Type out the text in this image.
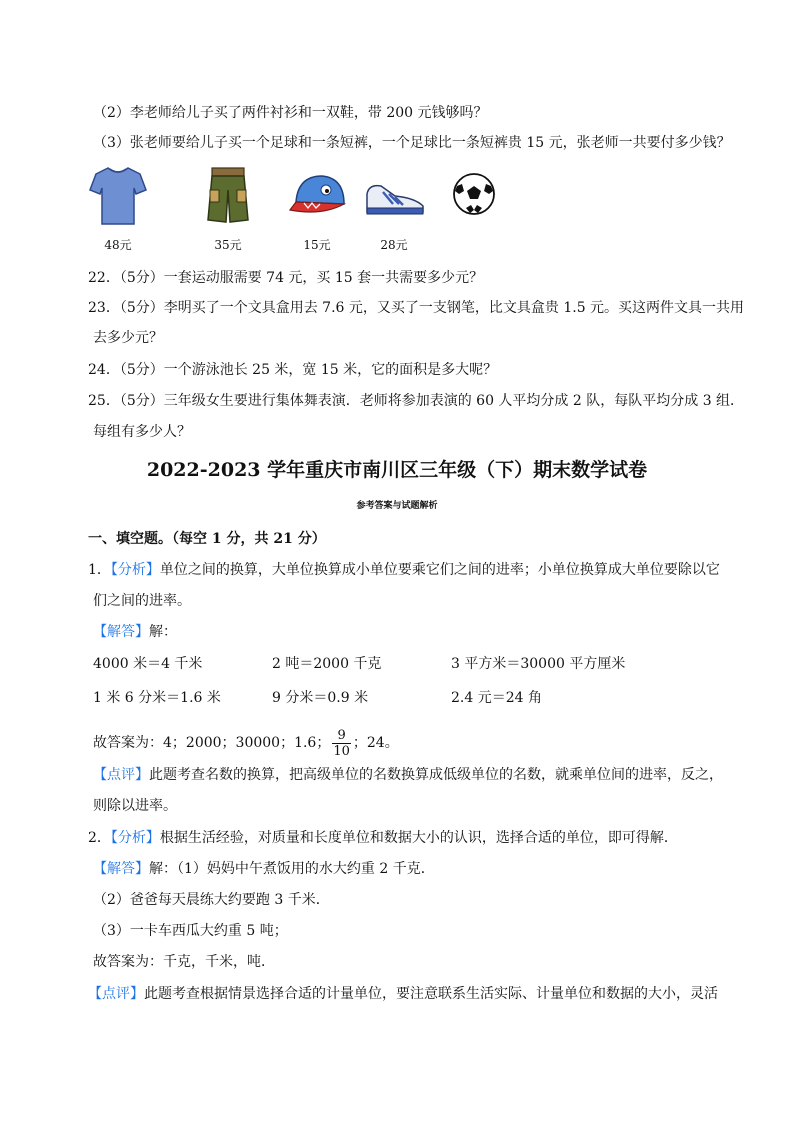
（2）李老师给儿子买了两件衬衫和一双鞋，带 200 元钱够吗？
（3）张老师要给儿子买一个足球和一条短裤，一个足球比一条短裤贵 15 元，张老师一共要付多少钱？
48元	35元	15元	28元
22．（5分）一套运动服需要 74 元，买 15 套一共需要多少元？
23．（5分）李明买了一个文具盒用去 7.6 元，又买了一支钢笔，比文具盒贵 1.5 元。买这两件文具一共用
去多少元？
24．（5分）一个游泳池长 25 米，宽 15 米，它的面积是多大呢？
25．（5分）三年级女生要进行集体舞表演．老师将参加表演的 60 人平均分成 2 队，每队平均分成 3 组．
每组有多少人？
2022-2023 学年重庆市南川区三年级（下）期末数学试卷
参考答案与试题解析
一、填空题。（每空 1 分，共 21 分）
1．【分析】单位之间的换算，大单位换算成小单位要乘它们之间的进率；小单位换算成大单位要除以它
们之间的进率。
【解答】解：
4000 米＝4 千米	2 吨＝2000 千克	3 平方米＝30000 平方厘米
1 米 6 分米＝1.6 米	9 分米＝0.9 米	2.4 元＝24 角
故答案为：4；2000；30000；1.6； $\frac{9}{10}$ ；24。
【点评】此题考查名数的换算，把高级单位的名数换算成低级单位的名数，就乘单位间的进率，反之，
则除以进率。
2．【分析】根据生活经验，对质量和长度单位和数据大小的认识，选择合适的单位，即可得解．
【解答】解：（1）妈妈中午煮饭用的水大约重 2 千克．
（2）爸爸每天晨练大约要跑 3 千米．
（3）一卡车西瓜大约重 5 吨；
故答案为：千克，千米，吨．
【点评】此题考查根据情景选择合适的计量单位，要注意联系生活实际、计量单位和数据的大小，灵活
